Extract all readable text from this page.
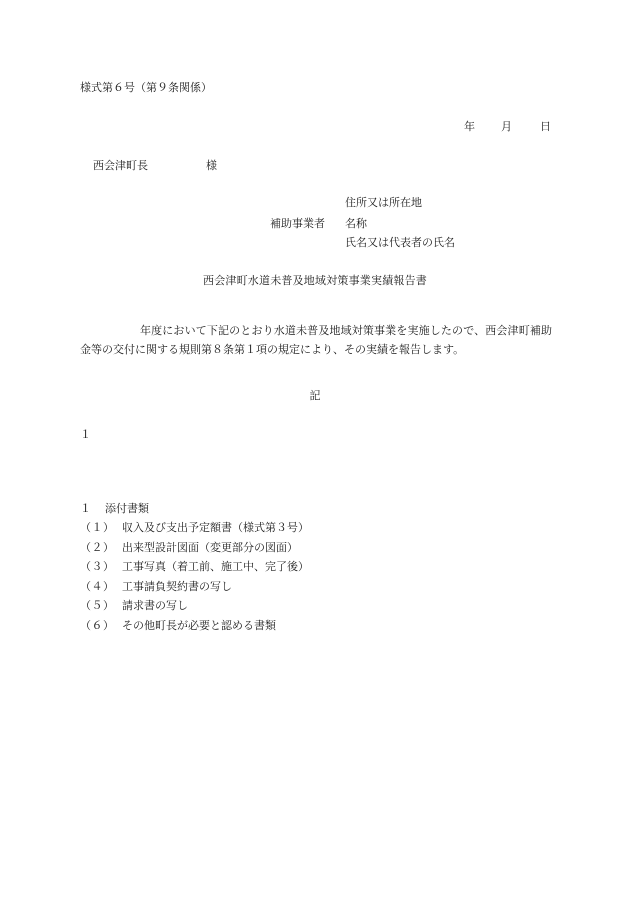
様式第６号（第９条関係）
年 月	日
西会津町長	様
住所又は所在地
補助事業者 名称
氏名又は代表者の氏名
西会津町水道未普及地域対策事業実績報告書
年度において下記のとおり水道未普及地域対策事業を実施したので、西会津町補助金等の交付に関する規則第８条第１項の規定により、その実績を報告します。
記
１
１ 添付書類
（１） 収入及び支出予定額書（様式第３号）
（２） 出来型設計図面（変更部分の図面）
（３） 工事写真（着工前、施工中、完了後）
（４） 工事請負契約書の写し
（５） 請求書の写し
（６） その他町長が必要と認める書類
